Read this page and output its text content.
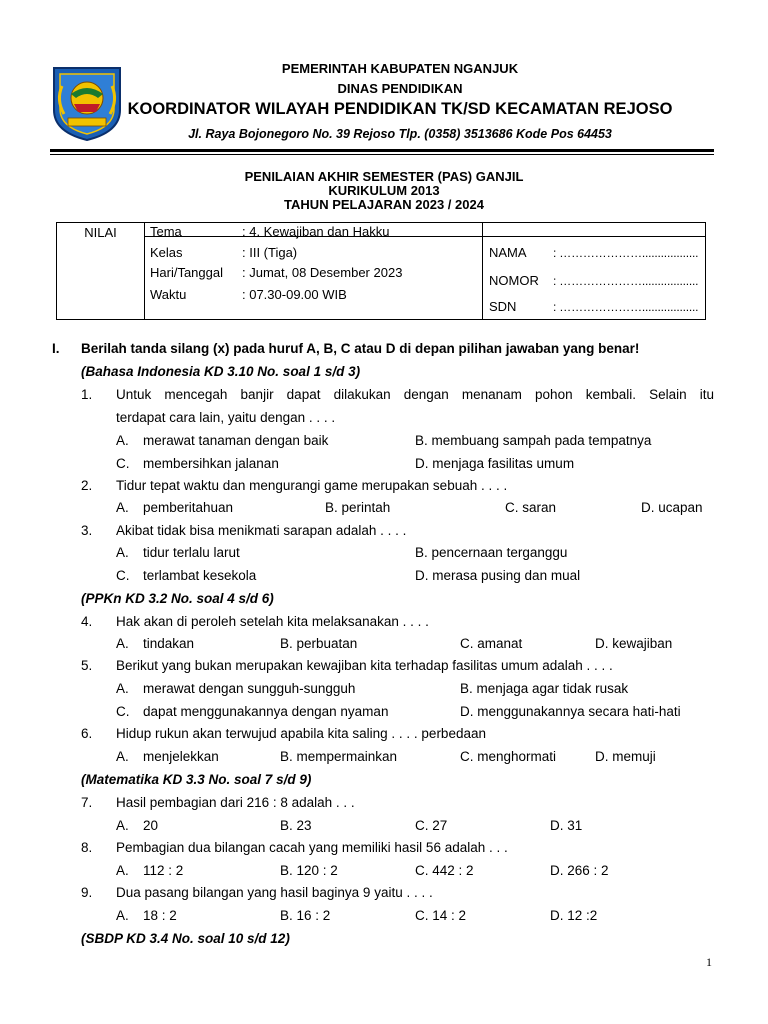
PEMERINTAH KABUPATEN NGANJUK
DINAS PENDIDIKAN
KOORDINATOR WILAYAH PENDIDIKAN TK/SD KECAMATAN REJOSO
Jl. Raya Bojonegoro No. 39 Rejoso Tlp. (0358) 3513686 Kode Pos 64453
PENILAIAN AKHIR SEMESTER (PAS) GANJIL
KURIKULUM 2013
TAHUN PELAJARAN 2023 / 2024
NILAI	Tema	: 4. Kewajiban dan Hakku
Kelas	: III (Tiga)
Hari/Tanggal : Jumat, 08 Desember 2023
Waktu	: 07.30-09.00 WIB
NAMA : …………………..................
NOMOR : …………………..................
SDN	: …………………..................
I. Berilah tanda silang (x) pada huruf A, B, C atau D di depan pilihan jawaban yang benar!
(Bahasa Indonesia KD 3.10 No. soal 1 s/d 3)
1. Untuk mencegah banjir dapat dilakukan dengan menanam pohon kembali. Selain itu
terdapat cara lain, yaitu dengan . . . .
A. merawat tanaman dengan baik	B. membuang sampah pada tempatnya
C. membersihkan jalanan	D. menjaga fasilitas umum
2. Tidur tepat waktu dan mengurangi game merupakan sebuah . . . .
A. pemberitahuan	B. perintah	C. saran	D. ucapan
3. Akibat tidak bisa menikmati sarapan adalah . . . .
A. tidur terlalu larut	B. pencernaan terganggu
C. terlambat kesekola	D. merasa pusing dan mual
(PPKn KD 3.2 No. soal 4 s/d 6)
4. Hak akan di peroleh setelah kita melaksanakan . . . .
A. tindakan	B. perbuatan	C. amanat	D. kewajiban
5. Berikut yang bukan merupakan kewajiban kita terhadap fasilitas umum adalah . . . .
A. merawat dengan sungguh-sungguh	B. menjaga agar tidak rusak
C. dapat menggunakannya dengan nyaman	D. menggunakannya secara hati-hati
6. Hidup rukun akan terwujud apabila kita saling . . . . perbedaan
A. menjelekkan	B. mempermainkan	C. menghormati	D. memuji
(Matematika KD 3.3 No. soal 7 s/d 9)
7. Hasil pembagian dari 216 : 8 adalah . . .
A. 20	B. 23	C. 27	D. 31
8. Pembagian dua bilangan cacah yang memiliki hasil 56 adalah . . .
A. 112 : 2	B. 120 : 2	C. 442 : 2	D. 266 : 2
9. Dua pasang bilangan yang hasil baginya 9 yaitu . . . .
A. 18 : 2	B. 16 : 2	C. 14 : 2	D. 12 :2
(SBDP KD 3.4 No. soal 10 s/d 12)
1
